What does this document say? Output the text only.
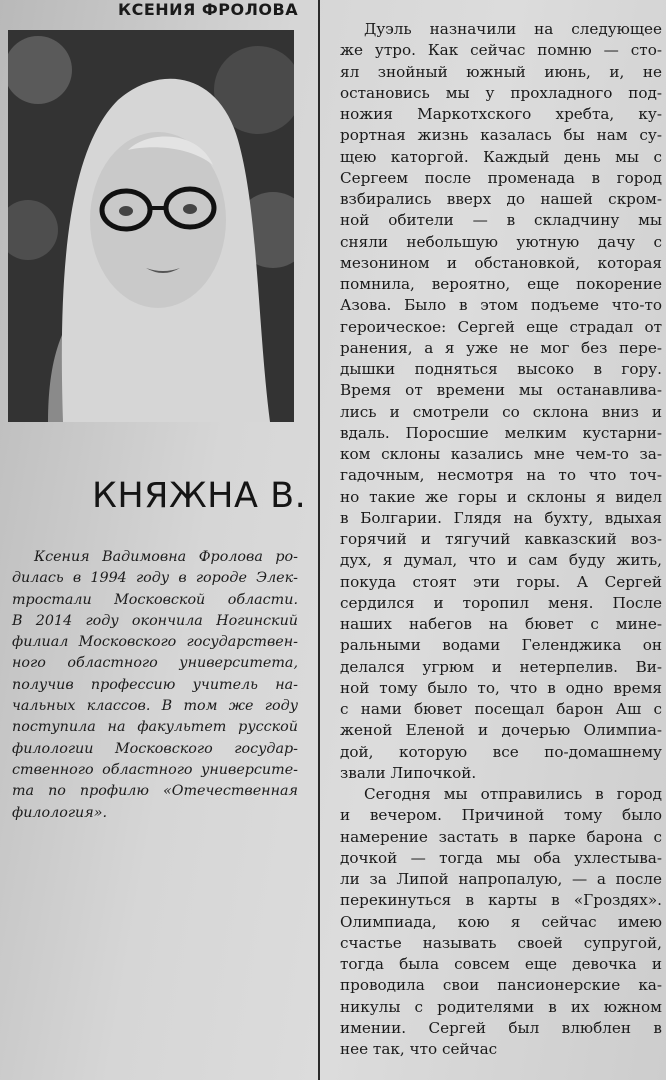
КСЕНИЯ ФРОЛОВА
КНЯЖНА В.
Ксения Вадимовна Фролова ро-
дилась в 1994 году в городе Элек-
тростали Московской области.
В 2014 году окончила Ногинский
филиал Московского государствен-
ного областного университета,
получив профессию учитель на-
чальных классов. В том же году
поступила на факультет русской
филологии Московского государ-
ственного областного университе-
та по профилю «Отечественная
филология».

Дуэль назначили на следующее
же утро. Как сейчас помню — сто-
ял знойный южный июнь, и, не
остановись мы у прохладного под-
ножия Маркотхского хребта, ку-
рортная жизнь казалась бы нам су-
щею каторгой. Каждый день мы с
Сергеем после променада в город
взбирались вверх до нашей скром-
ной обители — в складчину мы
сняли небольшую уютную дачу с
мезонином и обстановкой, которая
помнила, вероятно, еще покорение
Азова. Было в этом подъеме что-то
героическое: Сергей еще страдал от
ранения, а я уже не мог без пере-
дышки подняться высоко в гору.
Время от времени мы останавлива-
лись и смотрели со склона вниз и
вдаль. Поросшие мелким кустарни-
ком склоны казались мне чем-то за-
гадочным, несмотря на то что точ-
но такие же горы и склоны я видел
в Болгарии. Глядя на бухту, вдыхая
горячий и тягучий кавказский воз-
дух, я думал, что и сам буду жить,
покуда стоят эти горы. А Сергей
сердился и торопил меня. После
наших набегов на бювет с мине-
ральными водами Геленджика он
делался угрюм и нетерпелив. Ви-
ной тому было то, что в одно время
с нами бювет посещал барон Аш с
женой Еленой и дочерью Олимпиа-
дой, которую все по-домашнему
звали Липочкой.

Сегодня мы отправились в город
и вечером. Причиной тому было
намерение застать в парке барона с
дочкой — тогда мы оба ухлестыва-
ли за Липой напропалую, — а после
перекинуться в карты в «Гроздях».
Олимпиада, кою я сейчас имею
счастье называть своей супругой,
тогда была совсем еще девочка и
проводила свои пансионерские ка-
никулы с родителями в их южном
имении. Сергей был влюблен в
нее так, что сейчас
